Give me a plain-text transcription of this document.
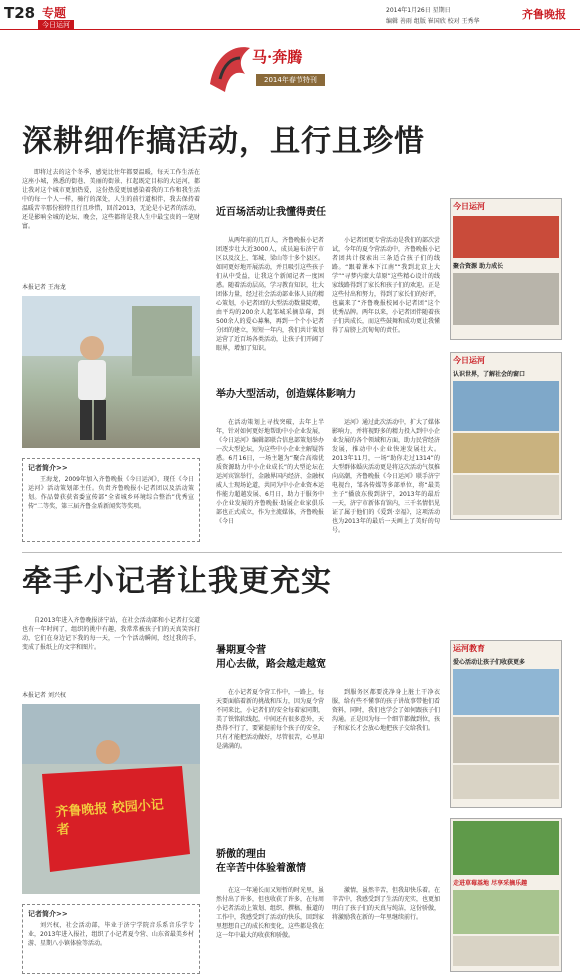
T28 专题
今日运河
2014年1月26日 星期日
编辑 善雨 组版 崔国欣 校对 王秀华
齐鲁晚报
马·奔腾
2014年春节特刊
深耕细作搞活动，且行且珍惜
即将过去的这个冬季，感觉比往年都要温暖，每天工作生活在这座小城，熟悉的街巷、美丽的街景、扛起既定目标的大运河，都让我对这个城市更加热爱，这份热爱更加感染着我的工作和我生活中的每一个人一样，骑行的深处，人生的前行道相伴，我去保持着温暖苦辛那份独特且行且珍惜，回首2013，无论是小记者的活动，还是影响全城的论坛、晚会，这些都将是我人生中最宝贵的一笔财富。
本报记者 王海龙
记者简介>>
王海龙，2009年加入齐鲁晚报《今日运河》，现任《今日运河》活动策划部主任。负责齐鲁晚报小记者团以及活动策划。作品曾获获省委宣传部“全省城乡环境综合整治”优秀宣传“二等奖，第三届齐鲁金盾新闻奖等奖项。
近百场活动让我懂得责任
从两年前的几百人，齐鲁晚报小记者团逐步壮大近3000人，成员遍布济宁市区以及汶上、邹城、梁山等十多个县区。如同更好地开展活动，并且吸引这些孩子们从中受益，让我这个新闻记者一度困惑。随着活动层高，学习教育知识，壮大团体力量，经过社会活动部业体人员的精心策划，小记者团的大型活动数量陡增，由平均的200余人起邹城采摘草莓，到500余人的爱心募集，再到一个个小记者分团的建立，短短一年内，我们共计策划运营了近百场各类活动，让孩子们开阔了眼界，增加了知识。
小记者团更专营活动是我们的部次尝试，今年的夏令营活动中，齐鲁晚报小记者团共计探索出三条适合孩子们的线路。“跟着课本下江南”“我到北京上大学”“寻梦内蒙大草原”这些精心设计的线家线路得到了家长和孩子们的欢迎。正是这些付出和努力，得到了家长们的好评，也赢来了“齐鲁晚报校园小记者团”这个优秀品牌。两年以来，小记者团伴随着孩子们共成长，而这些鼓舞和成功更让我懂得了肩膀上沉甸甸的责任。
举办大型活动，创造媒体影响力
在活动策划上寻找突破，去年上半年，针对如何更好地帮助中小企业发展，《今日运河》编辑部联合信息部策划举办一次大型论坛，为这些中小企业主解疑答惑。6月16日，一场主题为“聚合高端优质资源助力中小企业成长”的大型论坛在运河宾馆举行，金融界国内经济、金融权威人士现场论道，共同为中小企业资本运作能力超越发展、6月日，助力于服务中小企业发展的齐鲁晚报·助展企业家俱乐部也正式成立，作为主流媒体，齐鲁晚报《今日
运河》通过此次活动中，扩大了媒体影响力，并将视野多的精力投入到中小企业发展的各个领域和方面，助力民营经济发展，推动中小企业快速发展壮大。2013年11月，一场“助你走过1314”的大型群体婚庆活动更是将这次活动气氛推向高潮，齐鲁晚报《今日运河》联手济宁电视台，邹各传媒等多部单位，将“最美主子”播放东俊到济宁，2013年的最后一天，济宁市新体育馆内，三千名情侣见证了属于他们的《爱到·幸福》，这项活动也为2013年的最后一天画上了美好的句号。
今日运河
聚合资源 助力成长
今日运河
认识世界，了解社会的窗口
牵手小记者让我更充实
自2013年进入齐鲁晚报济宁站，在社会活动部和小记者打交道也有一年时间了，组织的挑中有趣，我常常被孩子们的天真笑容打动，它们在身边记下我的每一天，一个个活动瞬间，经过我的手，变成了报纸上的文字和图片。
本报记者 刘兴权
齐鲁晚报 校园小记者
记者简介>>
刘兴权，社会活动部，毕业于济宁学院音乐系音乐学专业，2013年进入报社，组织了小记者夏令营、山东省最美乡村游、星期八小镇体验等活动。
暑期夏令营
用心去做，路会越走越宽
在小记者夏令营工作中，一路上，每天要面临着新的挑战和压力，因为夏令营不同来比，小记者们的安全每着家同期，美了铁铭软线起，中间还有很多意外，天热得不行了，要紧提前每个孩子的安全，只有才能把活动做好，尽管很苦，心里却是满满的。
到服务区都要洗净身上脏土干净衣服，给有些不懂事的孩子讲故事带他们看资料，同时，我们也学会了如何跟孩子们沟通。正是因为每一个细节都做到位，孩子和家长才会放心地把孩子交给我们。
骄傲的理由
在辛苦中体验着激情
在这一年通长而又短暂的时光里，虽然付出了许多，但也收获了许多，在每周小记者活动上策划、组织、撰稿、报道的工作中，我感受到了活动的快乐，回到家里想想自己的成长和变化，这些都是我在这一年中最大的收获和骄傲。
激情，虽然辛苦，但我却快乐着。在辛苦中，我感受到了生活的充实，也更加明白了孩子们的天真与纯洁，这份骄傲，将激励我在新的一年里继续前行。
运河教育
爱心活动让孩子们收获更多
走进草莓基地 尽享采摘乐趣
